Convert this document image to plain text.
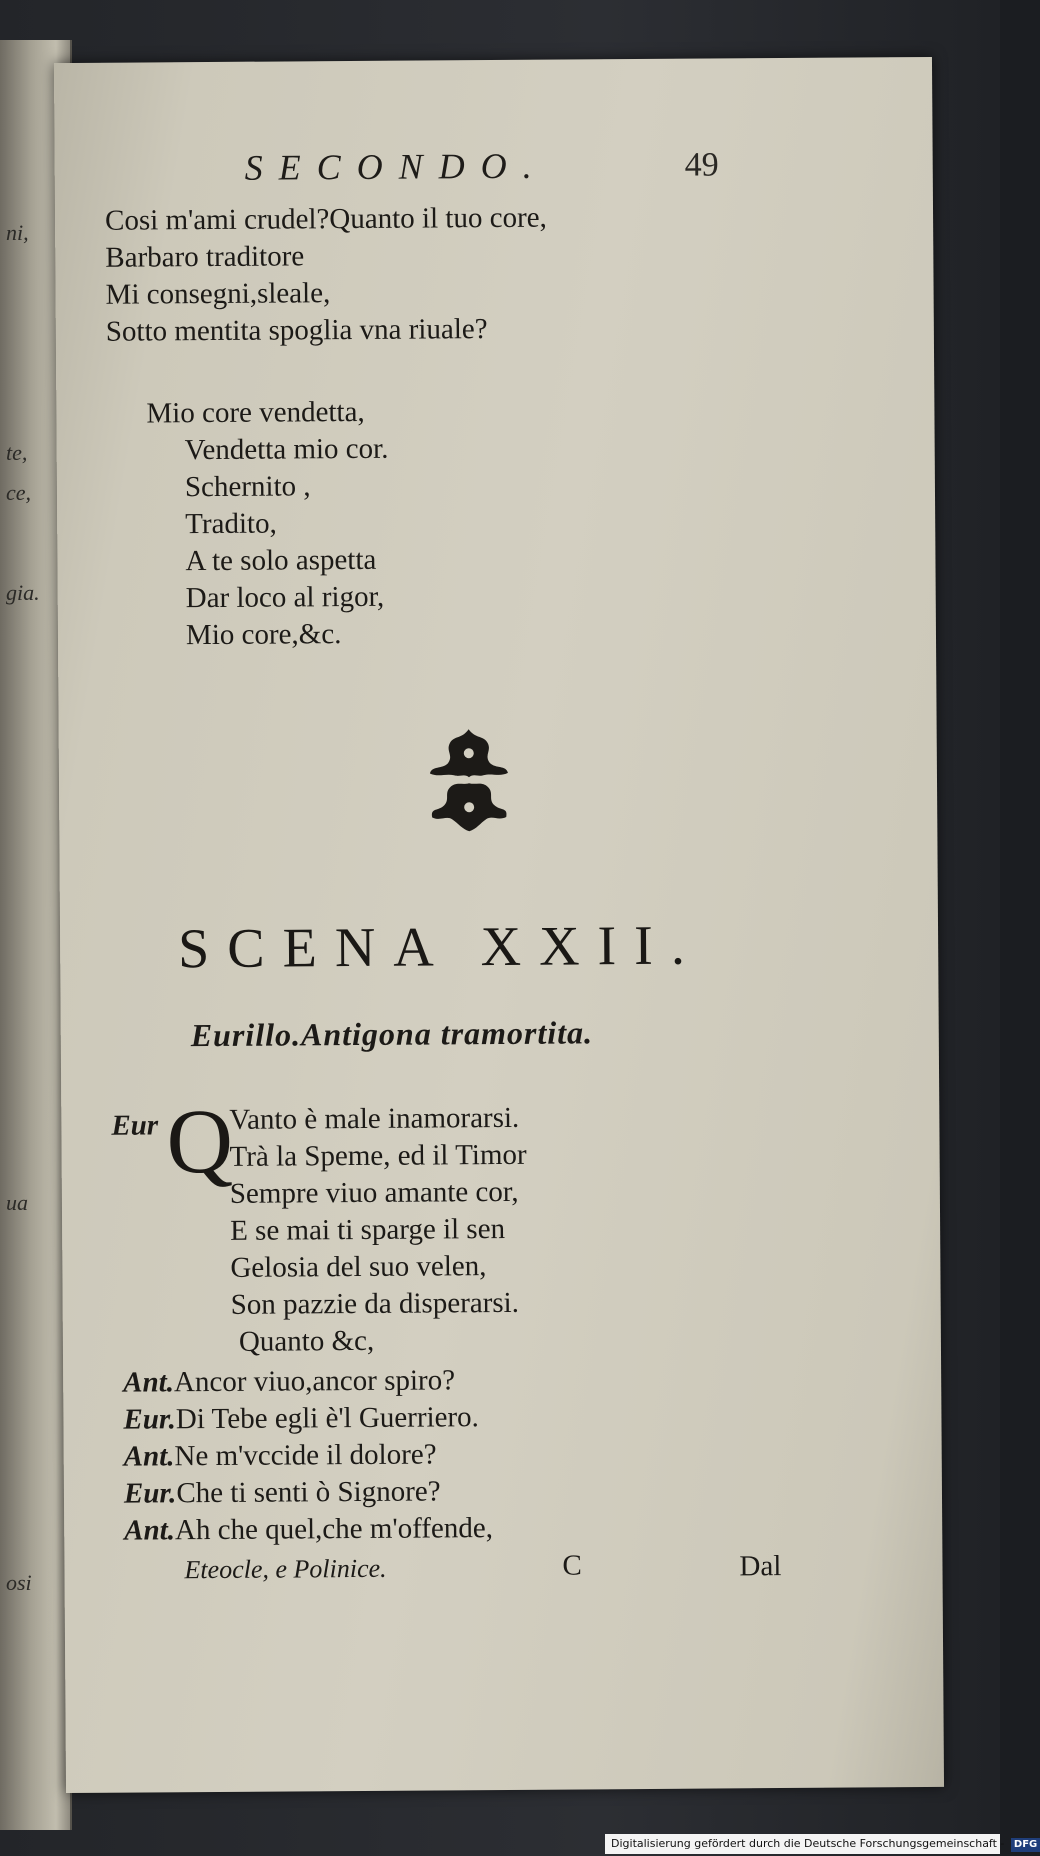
ni,
te,
ce,
gia.
ua
osi
SECONDO.	49
Cosi m'ami crudel?Quanto il tuo core,
Barbaro traditore
Mi consegni,sleale,
Sotto mentita spoglia vna riuale?
Mio core vendetta,
Vendetta mio cor.
Schernito ,
Tradito,
A te solo aspetta
Dar loco al rigor,
Mio core,&c.
SCENA XXII.
Eurillo.Antigona tramortita.
Eur Q
Vanto è male inamorarsi.
Trà la Speme, ed il Timor
Sempre viuo amante cor,
E se mai ti sparge il sen
Gelosia del suo velen,
Son pazzie da disperarsi.
Quanto &c,
Ant.Ancor viuo,ancor spiro?
Eur.Di Tebe egli è'l Guerriero.
Ant.Ne m'vccide il dolore?
Eur.Che ti senti ò Signore?
Ant.Ah che quel,che m'offende,
Eteocle, e Polinice.	C	Dal
Digitalisierung gefördert durch die Deutsche Forschungsgemeinschaft - DFG
